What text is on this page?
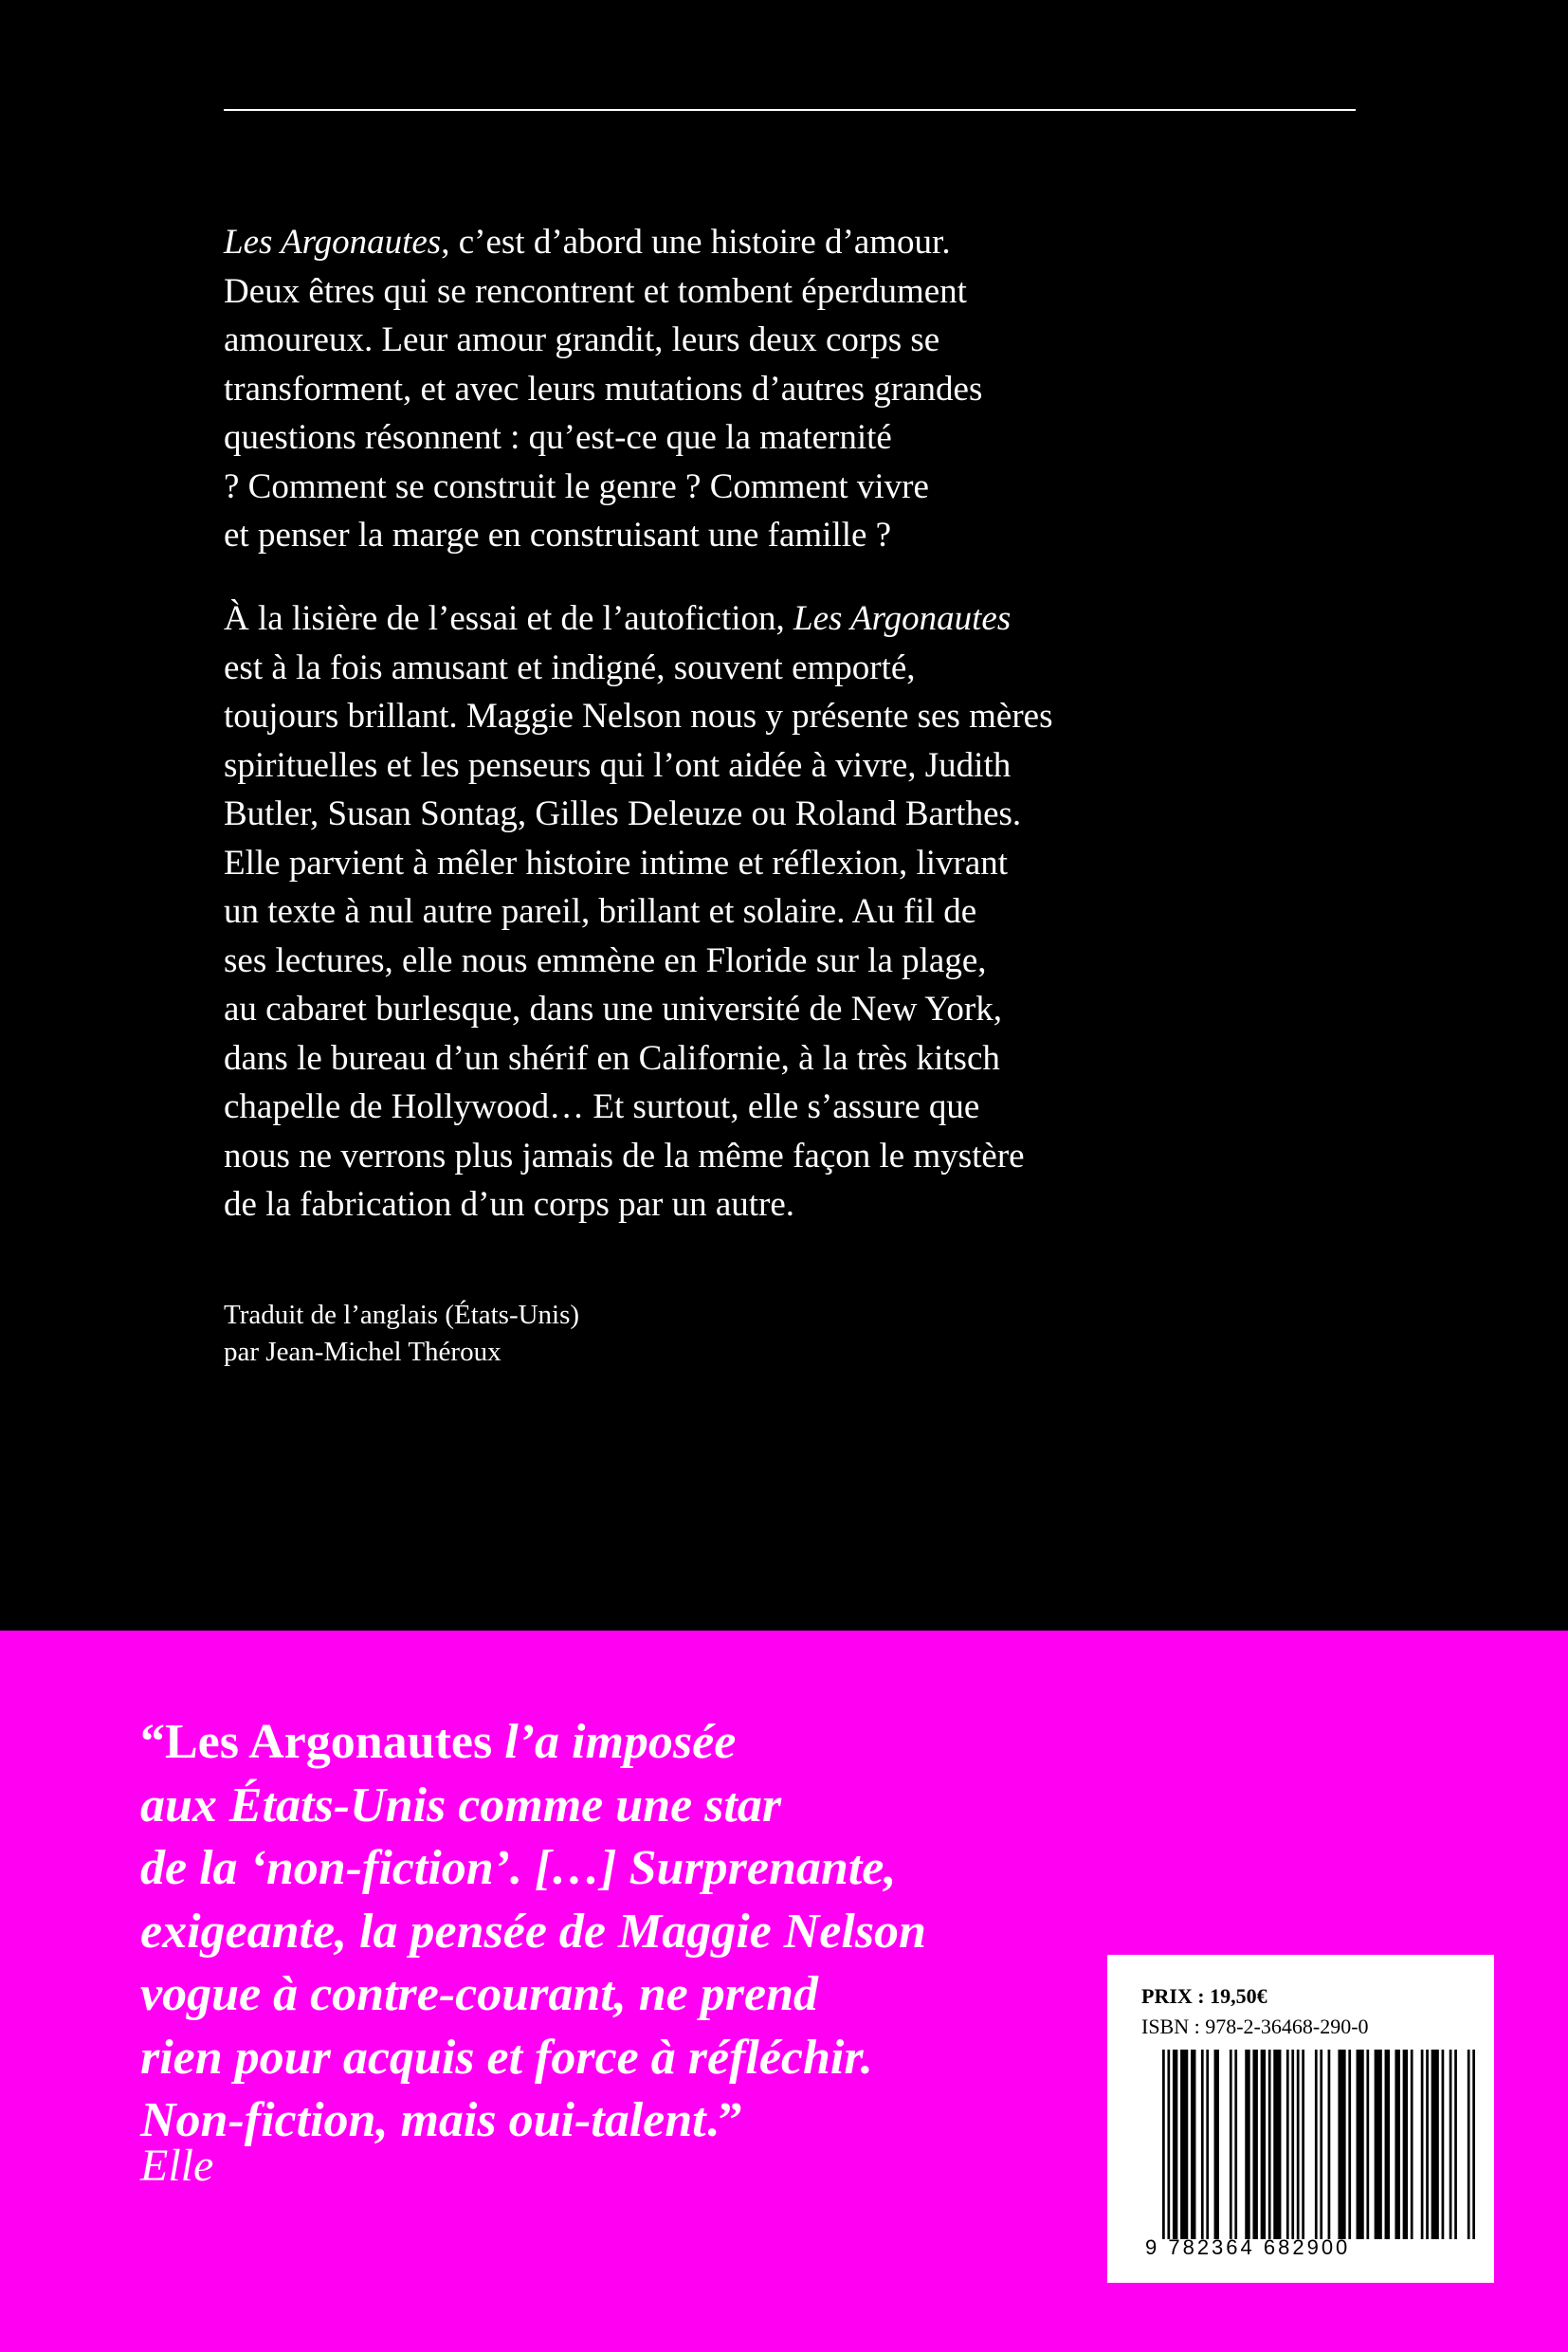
Les Argonautes, c’est d’abord une histoire d’amour.
Deux êtres qui se rencontrent et tombent éperdument
amoureux. Leur amour grandit, leurs deux corps se
transforment, et avec leurs mutations d’autres grandes
questions résonnent : qu’est-ce que la maternité
? Comment se construit le genre ? Comment vivre
et penser la marge en construisant une famille ?
À la lisière de l’essai et de l’autofiction, Les Argonautes
est à la fois amusant et indigné, souvent emporté,
toujours brillant. Maggie Nelson nous y présente ses mères
spirituelles et les penseurs qui l’ont aidée à vivre, Judith
Butler, Susan Sontag, Gilles Deleuze ou Roland Barthes.
Elle parvient à mêler histoire intime et réflexion, livrant
un texte à nul autre pareil, brillant et solaire. Au fil de
ses lectures, elle nous emmène en Floride sur la plage,
au cabaret burlesque, dans une université de New York,
dans le bureau d’un shérif en Californie, à la très kitsch
chapelle de Hollywood… Et surtout, elle s’assure que
nous ne verrons plus jamais de la même façon le mystère
de la fabrication d’un corps par un autre.
Traduit de l’anglais (États-Unis)
par Jean-Michel Théroux
“Les Argonautes l’a imposée
aux États-Unis comme une star
de la ‘non-fiction’. […] Surprenante,
exigeante, la pensée de Maggie Nelson
vogue à contre-courant, ne prend
rien pour acquis et force à réfléchir.
Non-fiction, mais oui-talent.”
Elle
PRIX : 19,50€
ISBN : 978-2-36468-290-0
9 782364 682900
